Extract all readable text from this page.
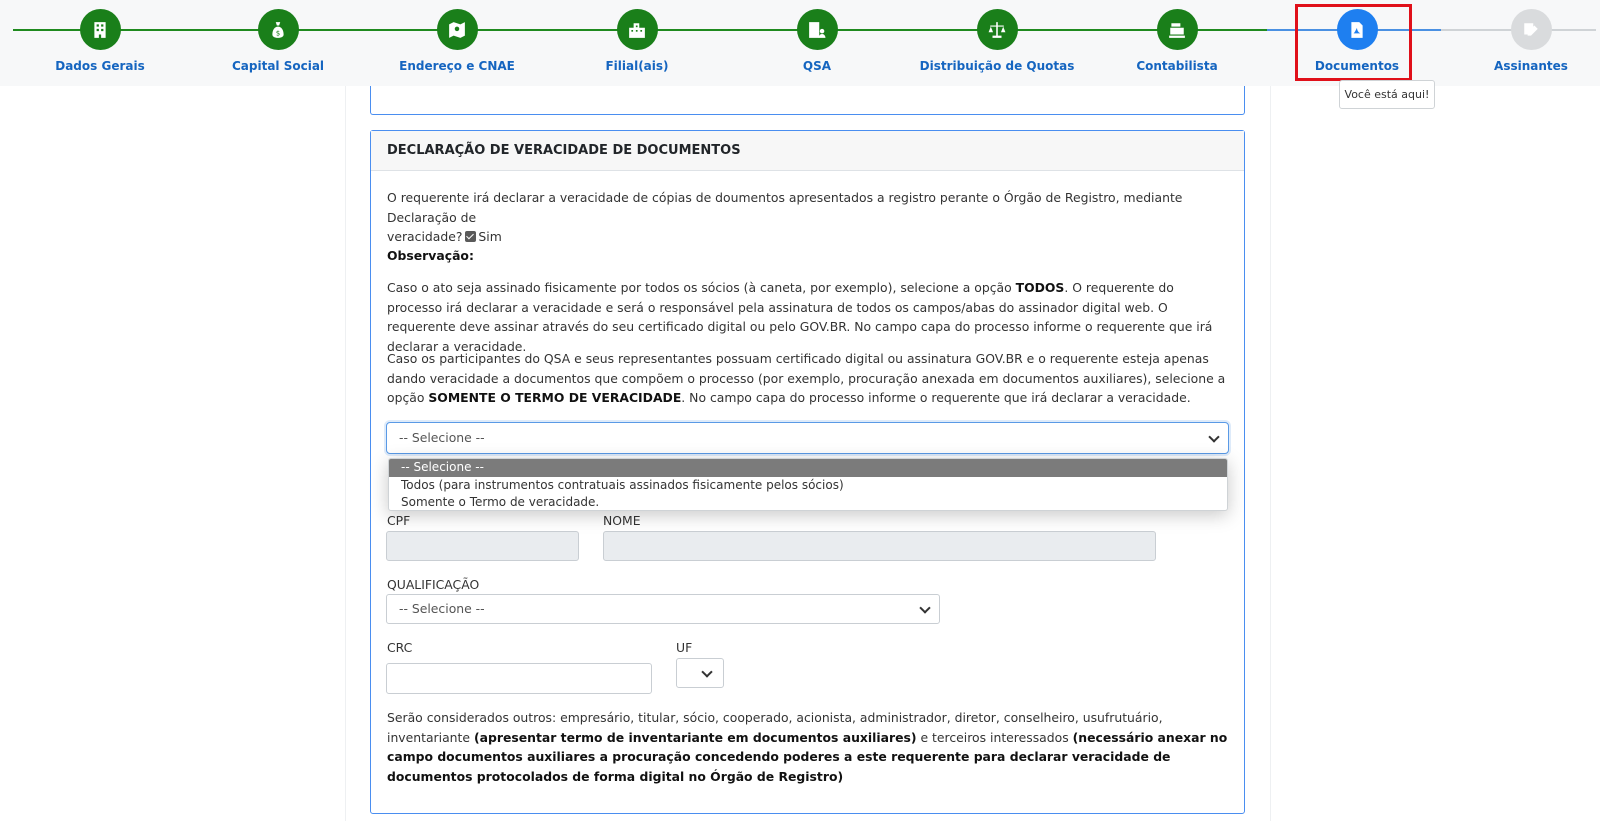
Dados Gerais
$
Capital Social	Endereço e CNAE	Filial(ais)	QSA	Distribuição de Quotas	Contabilista	Documentos	Assinantes
Você está aqui!
DECLARAÇÃO DE VERACIDADE DE DOCUMENTOS
O requerente irá declarar a veracidade de cópias de doumentos apresentados a registro perante o Órgão de Registro, mediante Declaração de
veracidade? Sim
Observação:
Caso o ato seja assinado fisicamente por todos os sócios (à caneta, por exemplo), selecione a opção TODOS. O requerente do processo irá declarar a veracidade e será o responsável pela assinatura de todos os campos/abas do assinador digital web. O requerente deve assinar através do seu certificado digital ou pelo GOV.BR. No campo capa do processo informe o requerente que irá declarar a veracidade.
Caso os participantes do QSA e seus representantes possuam certificado digital ou assinatura GOV.BR e o requerente esteja apenas dando veracidade a documentos que compõem o processo (por exemplo, procuração anexada em documentos auxiliares), selecione a opção SOMENTE O TERMO DE VERACIDADE. No campo capa do processo informe o requerente que irá declarar a veracidade.
-- Selecione --
CPF	NOME
QUALIFICAÇÃO
-- Selecione --
CRC	UF
Serão considerados outros: empresário, titular, sócio, cooperado, acionista, administrador, diretor, conselheiro, usufrutuário, inventariante (apresentar termo de inventariante em documentos auxiliares) e terceiros interessados (necessário anexar no campo documentos auxiliares a procuração concedendo poderes a este requerente para declarar veracidade de documentos protocolados de forma digital no Órgão de Registro)
-- Selecione --
Todos (para instrumentos contratuais assinados fisicamente pelos sócios)
Somente o Termo de veracidade.
